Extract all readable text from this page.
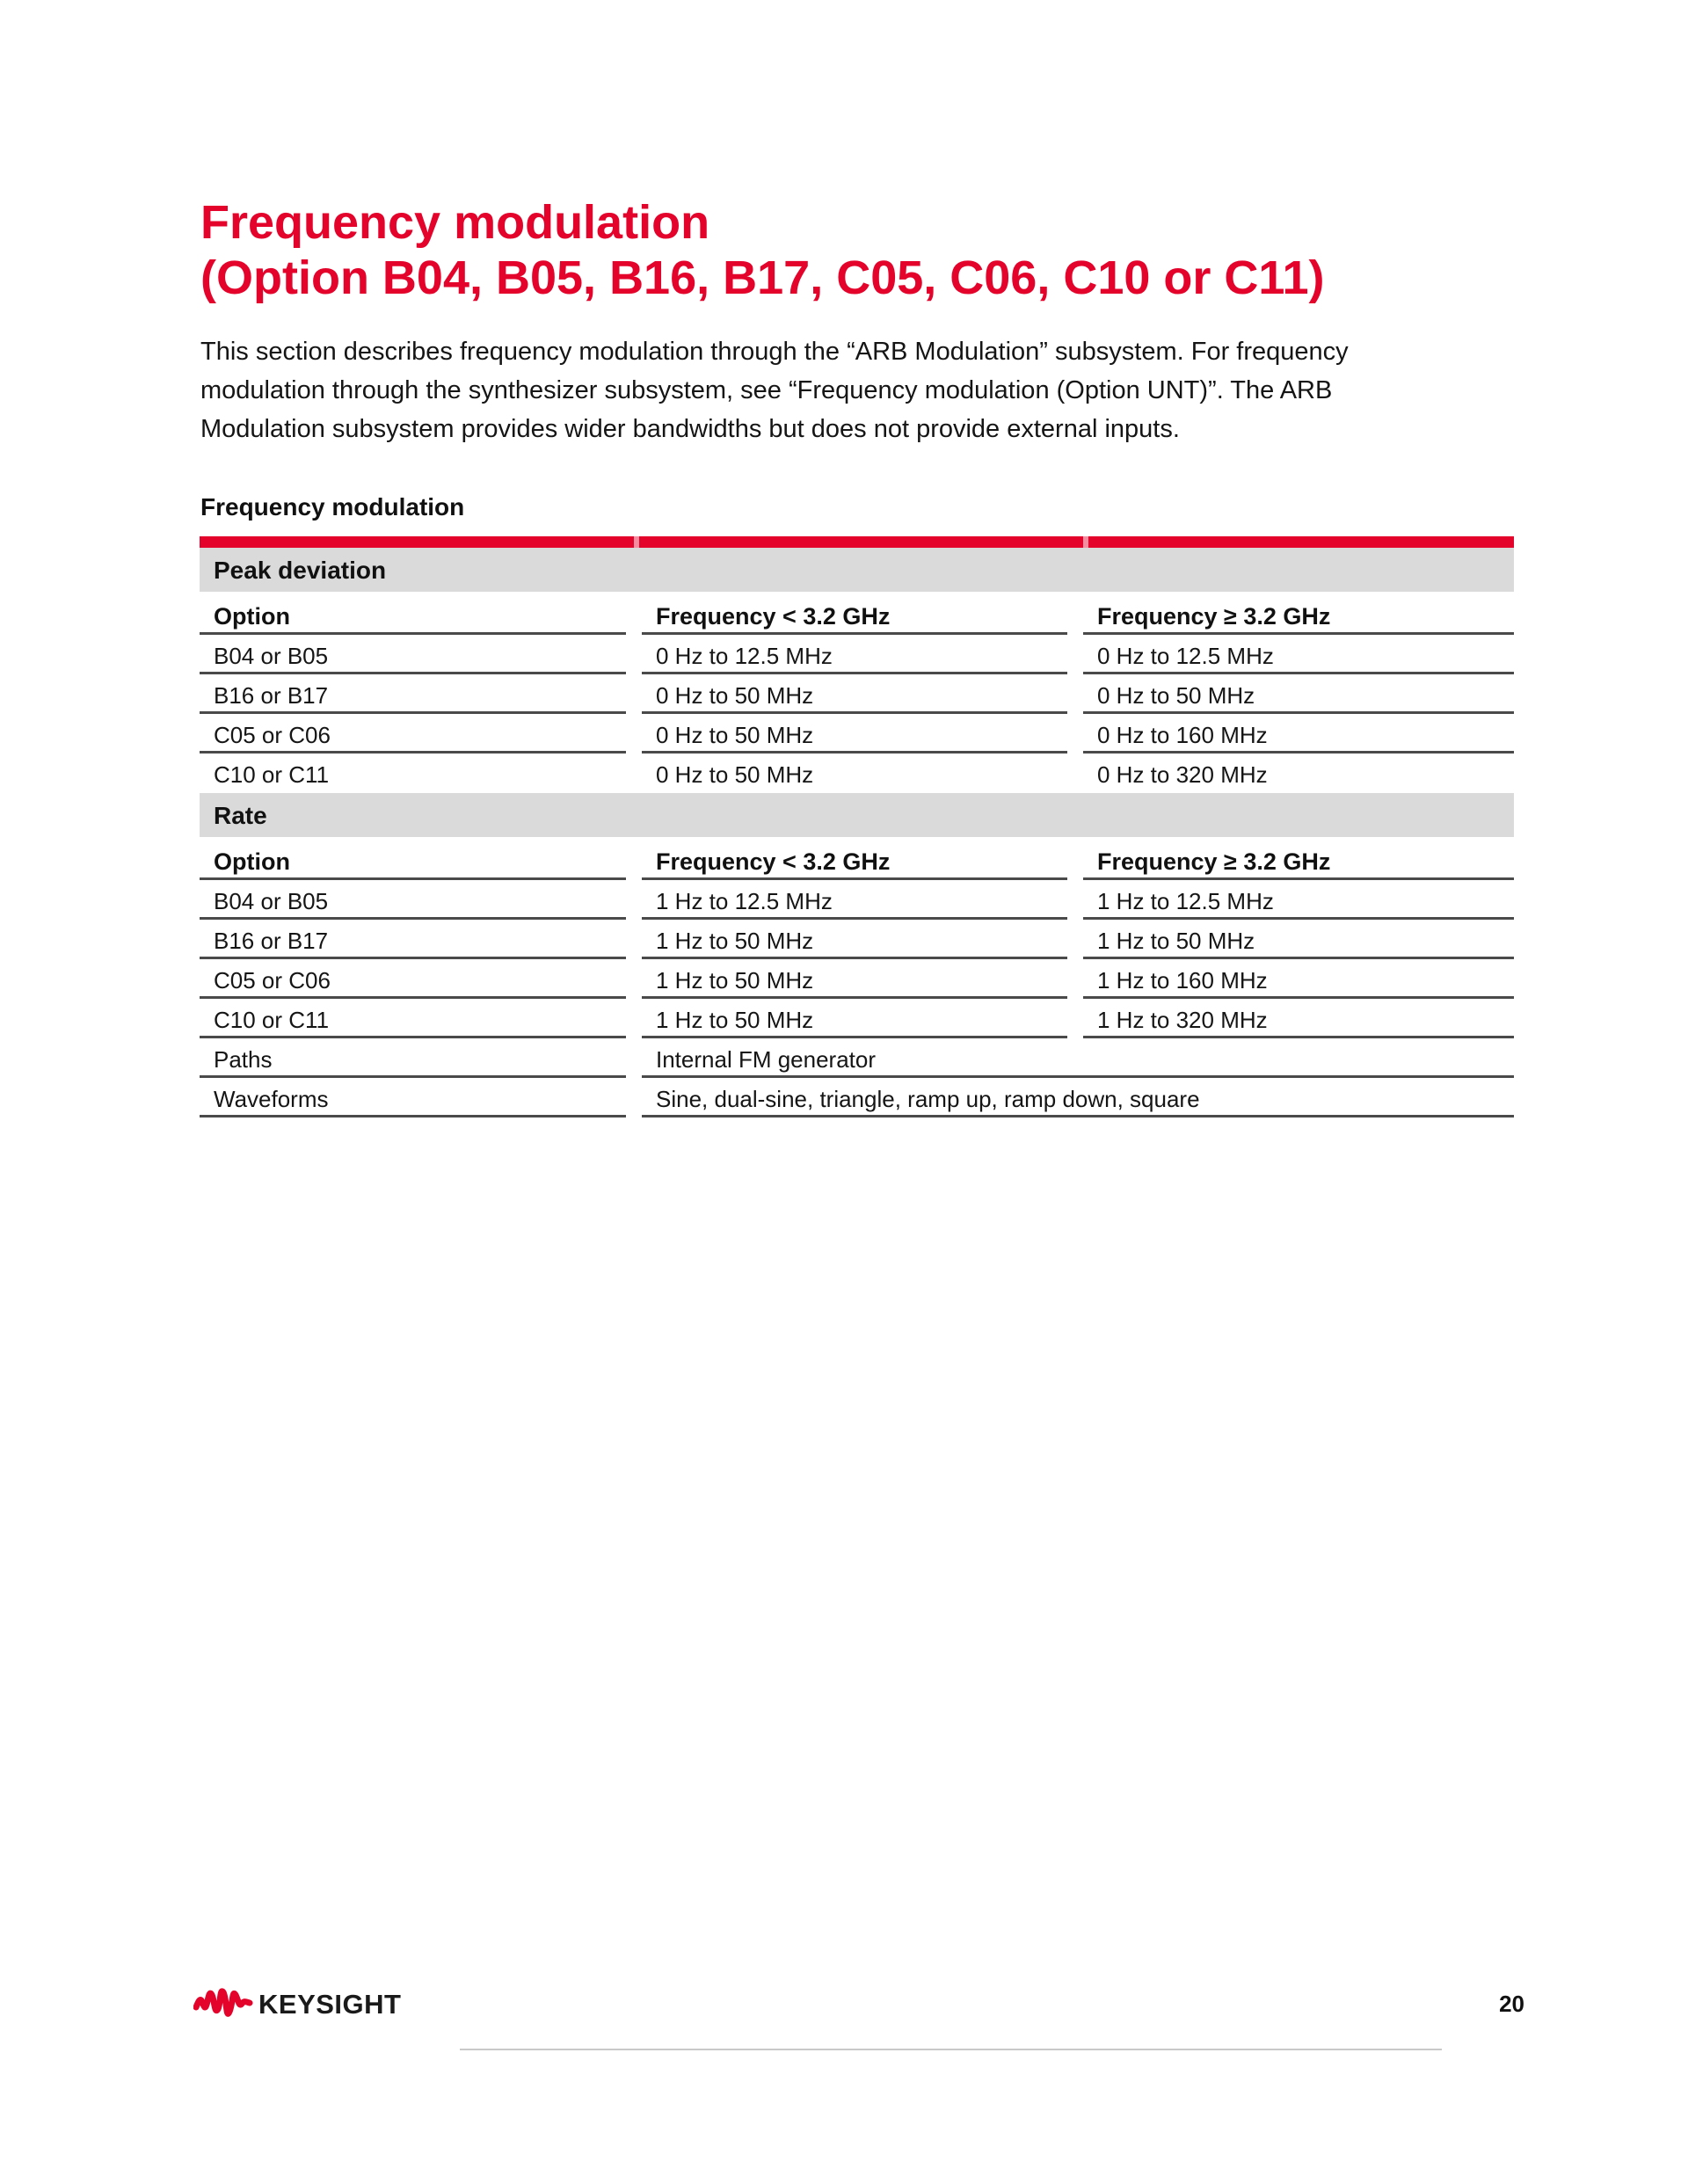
Frequency modulation
(Option B04, B05, B16, B17, C05, C06, C10 or C11)
This section describes frequency modulation through the “ARB Modulation” subsystem. For frequency
modulation through the synthesizer subsystem, see “Frequency modulation (Option UNT)”. The ARB
Modulation subsystem provides wider bandwidths but does not provide external inputs.
Frequency modulation
Peak deviation
Option	Frequency < 3.2 GHz	Frequency ≥ 3.2 GHz
B04 or B05	0 Hz to 12.5 MHz	0 Hz to 12.5 MHz
B16 or B17	0 Hz to 50 MHz	0 Hz to 50 MHz
C05 or C06	0 Hz to 50 MHz	0 Hz to 160 MHz
C10 or C11	0 Hz to 50 MHz	0 Hz to 320 MHz
Rate
Option	Frequency < 3.2 GHz	Frequency ≥ 3.2 GHz
B04 or B05	1 Hz to 12.5 MHz	1 Hz to 12.5 MHz
B16 or B17	1 Hz to 50 MHz	1 Hz to 50 MHz
C05 or C06	1 Hz to 50 MHz	1 Hz to 160 MHz
C10 or C11	1 Hz to 50 MHz	1 Hz to 320 MHz
Paths	Internal FM generator
Waveforms	Sine, dual-sine, triangle, ramp up, ramp down, square
KEYSIGHT	20
